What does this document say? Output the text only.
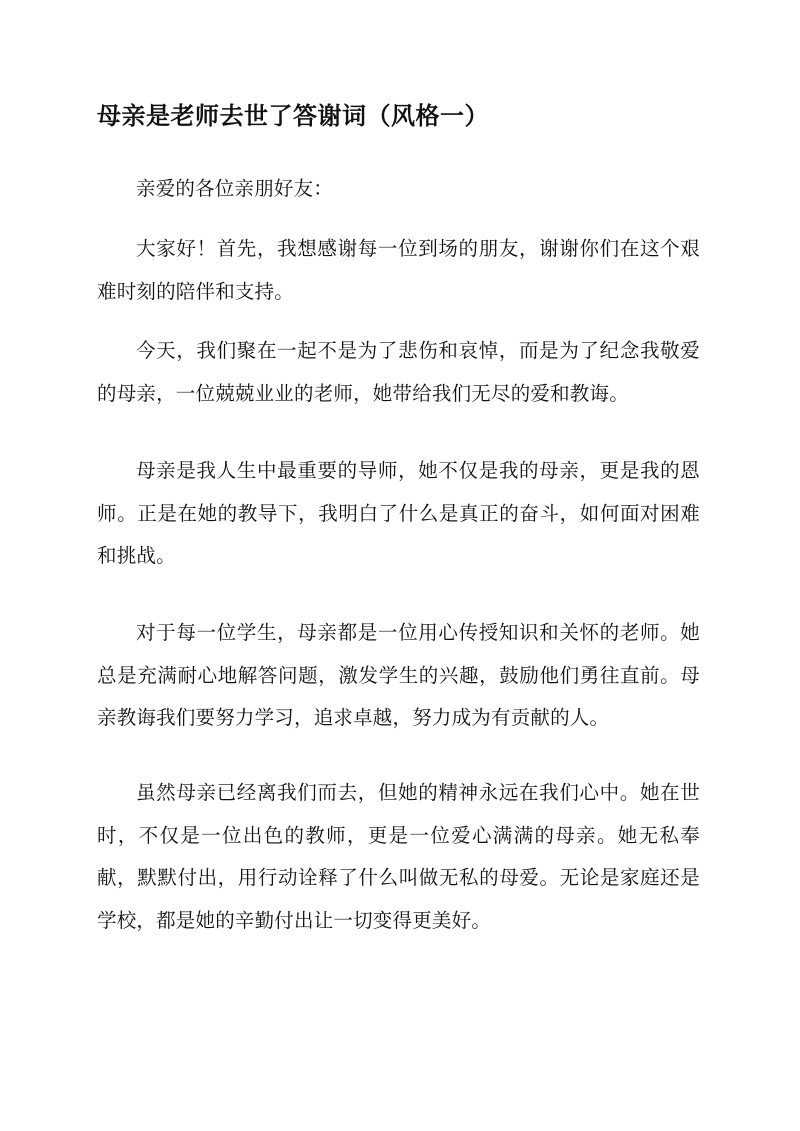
母亲是老师去世了答谢词（风格一）

亲爱的各位亲朋好友：

大家好！首先，我想感谢每一位到场的朋友，谢谢你们在这个艰难时刻的陪伴和支持。

今天，我们聚在一起不是为了悲伤和哀悼，而是为了纪念我敬爱的母亲，一位兢兢业业的老师，她带给我们无尽的爱和教诲。

母亲是我人生中最重要的导师，她不仅是我的母亲，更是我的恩师。正是在她的教导下，我明白了什么是真正的奋斗，如何面对困难和挑战。

对于每一位学生，母亲都是一位用心传授知识和关怀的老师。她总是充满耐心地解答问题，激发学生的兴趣，鼓励他们勇往直前。母亲教诲我们要努力学习，追求卓越，努力成为有贡献的人。

虽然母亲已经离我们而去，但她的精神永远在我们心中。她在世时，不仅是一位出色的教师，更是一位爱心满满的母亲。她无私奉献，默默付出，用行动诠释了什么叫做无私的母爱。无论是家庭还是学校，都是她的辛勤付出让一切变得更美好。
